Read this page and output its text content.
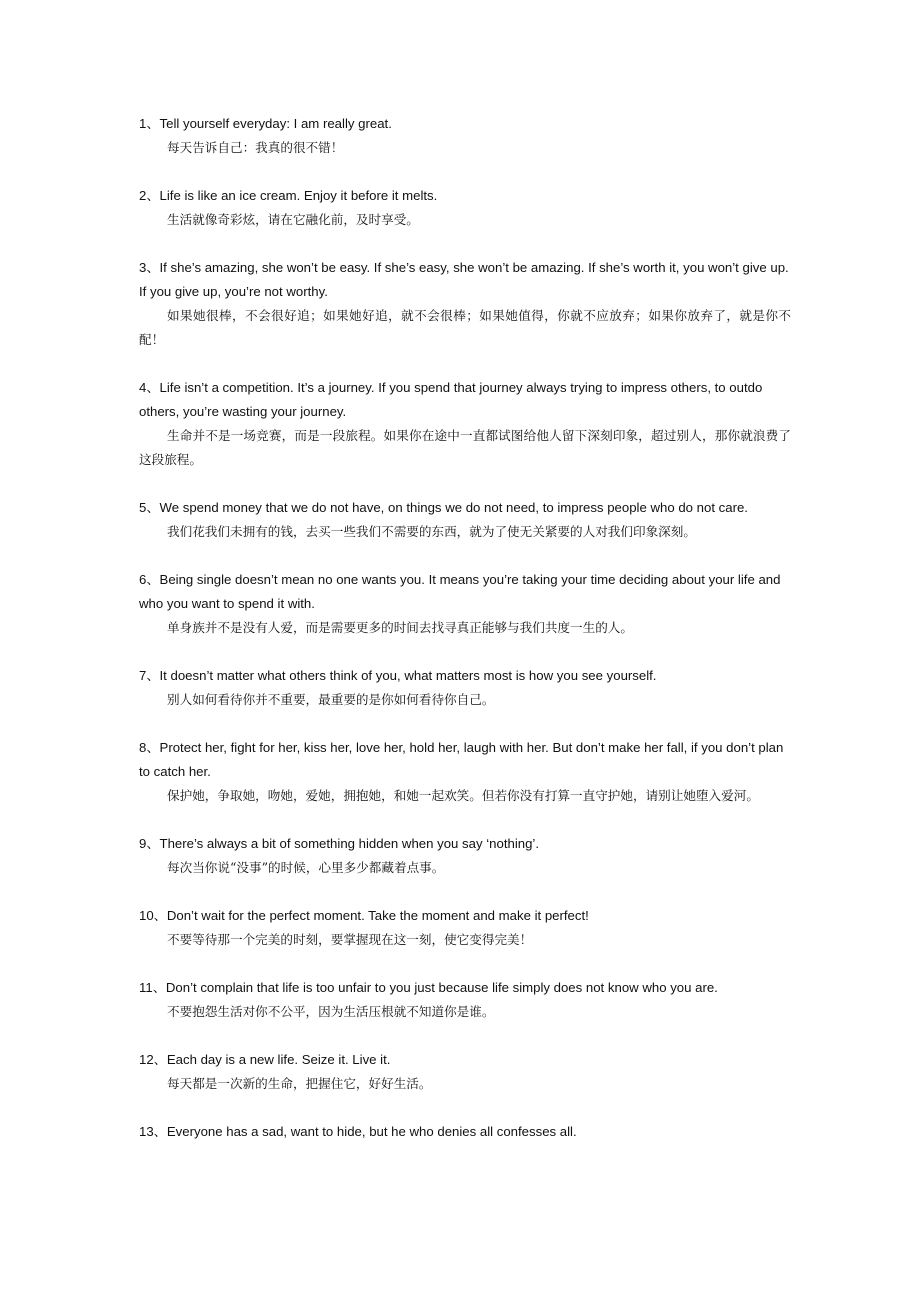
1、Tell yourself everyday: I am really great.

每天告诉自己：我真的很不错！

2、Life is like an ice cream. Enjoy it before it melts.

生活就像奇彩炫，请在它融化前，及时享受。

3、If she’s amazing, she won’t be easy. If she’s easy, she won’t be amazing. If she’s worth it, you won’t give up. If you give up, you’re not worthy.

如果她很棒，不会很好追；如果她好追，就不会很棒；如果她值得，你就不应放弃；如果你放弃了，就是你不配！

4、Life isn’t a competition. It’s a journey. If you spend that journey always trying to impress others, to outdo others, you’re wasting your journey.

生命并不是一场竞赛，而是一段旅程。如果你在途中一直都试图给他人留下深刻印象，超过别人，那你就浪费了这段旅程。

5、We spend money that we do not have, on things we do not need, to impress people who do not care.

我们花我们未拥有的钱，去买一些我们不需要的东西，就为了使无关紧要的人对我们印象深刻。

6、Being single doesn’t mean no one wants you. It means you’re taking your time deciding about your life and who you want to spend it with.

单身族并不是没有人爱，而是需要更多的时间去找寻真正能够与我们共度一生的人。

7、It doesn’t matter what others think of you, what matters most is how you see yourself.

别人如何看待你并不重要，最重要的是你如何看待你自己。

8、Protect her, fight for her, kiss her, love her, hold her, laugh with her. But don’t make her fall, if you don’t plan to catch her.

保护她，争取她，吻她，爱她，拥抱她，和她一起欢笑。但若你没有打算一直守护她，请别让她堕入爱河。

9、There’s always a bit of something hidden when you say ‘nothing’.

每次当你说“没事”的时候，心里多少都藏着点事。

10、Don’t wait for the perfect moment. Take the moment and make it perfect!

不要等待那一个完美的时刻，要掌握现在这一刻，使它变得完美！

11、Don’t complain that life is too unfair to you just because life simply does not know who you are.

不要抱怨生活对你不公平，因为生活压根就不知道你是谁。

12、Each day is a new life. Seize it. Live it.

每天都是一次新的生命，把握住它，好好生活。

13、Everyone has a sad, want to hide, but he who denies all confesses all.
